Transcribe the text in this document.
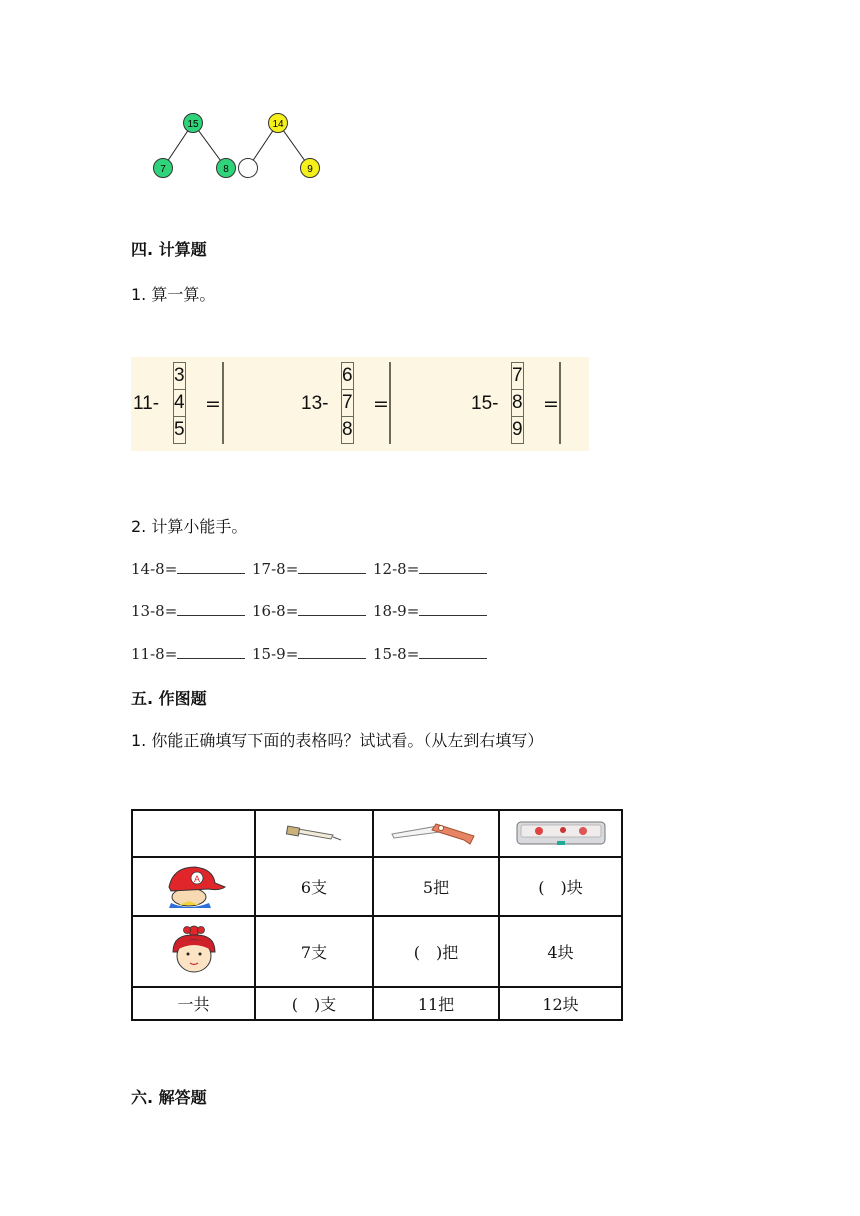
15
7	8
14
9
四. 计算题
1. 算一算。
11-
3
4
5
=	13-
6
7
8
=	15-
7
8
9
=

2. 计算小能手。
14-8=	17-8=	12-8=
13-8=	16-8=	18-9=
11-8=	15-9=	15-8=
五. 作图题
1. 你能正确填写下面的表格吗？试试看。（从左到右填写）

A	6支	5把	(　)块
	7支	(　)把	4块
一共	(　)支	11把	12块
六. 解答题
